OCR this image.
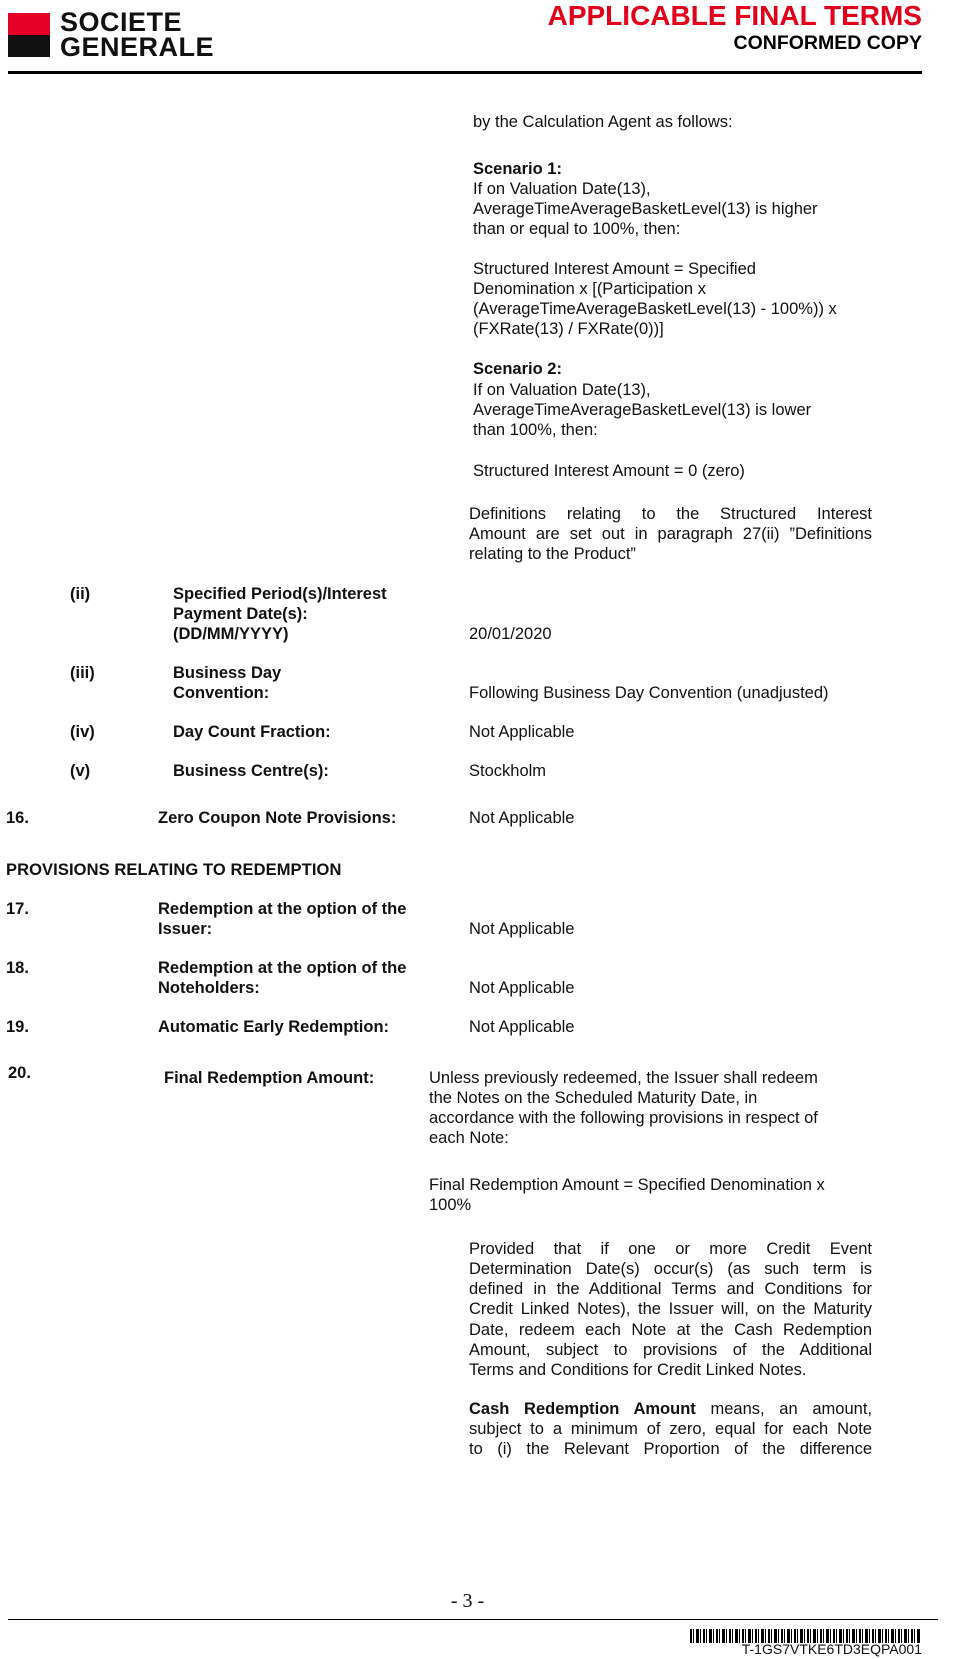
SOCIETE
GENERALE
APPLICABLE FINAL TERMS
CONFORMED COPY
by the Calculation Agent as follows:
Scenario 1:
If on Valuation Date(13),
AverageTimeAverageBasketLevel(13) is higher
than or equal to 100%, then:
Structured Interest Amount = Specified
Denomination x [(Participation x
(AverageTimeAverageBasketLevel(13) - 100%)) x
(FXRate(13) / FXRate(0))]
Scenario 2:
If on Valuation Date(13),
AverageTimeAverageBasketLevel(13) is lower
than 100%, then:
Structured Interest Amount = 0 (zero)
Definitions relating to the Structured Interest
Amount are set out in paragraph 27(ii) ”Definitions
relating to the Product”
(ii)	Specified Period(s)/Interest
Payment Date(s):
(DD/MM/YYYY)	20/01/2020
(iii)	Business Day
Convention:	Following Business Day Convention (unadjusted)
(iv)	Day Count Fraction:	Not Applicable
(v)	Business Centre(s):	Stockholm
16.	Zero Coupon Note Provisions:	Not Applicable
PROVISIONS RELATING TO REDEMPTION
17.	Redemption at the option of the
Issuer:	Not Applicable
18.	Redemption at the option of the
Noteholders:	Not Applicable
19.	Automatic Early Redemption:	Not Applicable
20.	Final Redemption Amount:	Unless previously redeemed, the Issuer shall redeem
the Notes on the Scheduled Maturity Date, in
accordance with the following provisions in respect of
each Note:
Final Redemption Amount = Specified Denomination x
100%
Provided that if one or more Credit Event
Determination Date(s) occur(s) (as such term is
defined in the Additional Terms and Conditions for
Credit Linked Notes), the Issuer will, on the Maturity
Date, redeem each Note at the Cash Redemption
Amount, subject to provisions of the Additional
Terms and Conditions for Credit Linked Notes.
Cash Redemption Amount means, an amount,
subject to a minimum of zero, equal for each Note
to (i) the Relevant Proportion of the difference
- 3 -
T-1GS7VTKE6TD3EQPA001
